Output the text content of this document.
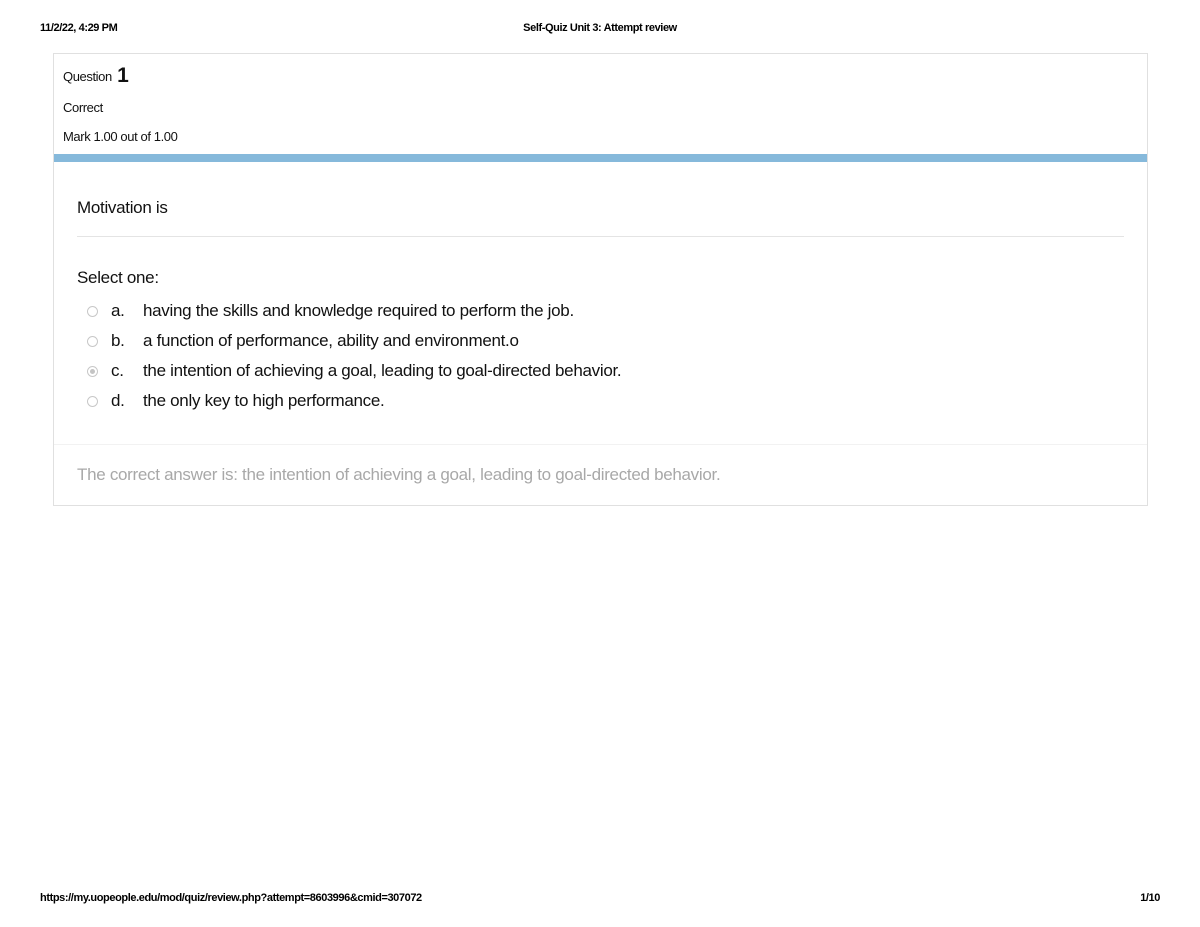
11/2/22, 4:29 PM	Self-Quiz Unit 3: Attempt review
Question 1
Correct
Mark 1.00 out of 1.00
Motivation is
Select one:
a.	having the skills and knowledge required to perform the job.
b.	a function of performance, ability and environment.o
c.	the intention of achieving a goal, leading to goal-directed behavior.
d.	the only key to high performance.
The correct answer is: the intention of achieving a goal, leading to goal-directed behavior.
https://my.uopeople.edu/mod/quiz/review.php?attempt=8603996&cmid=307072	1/10
